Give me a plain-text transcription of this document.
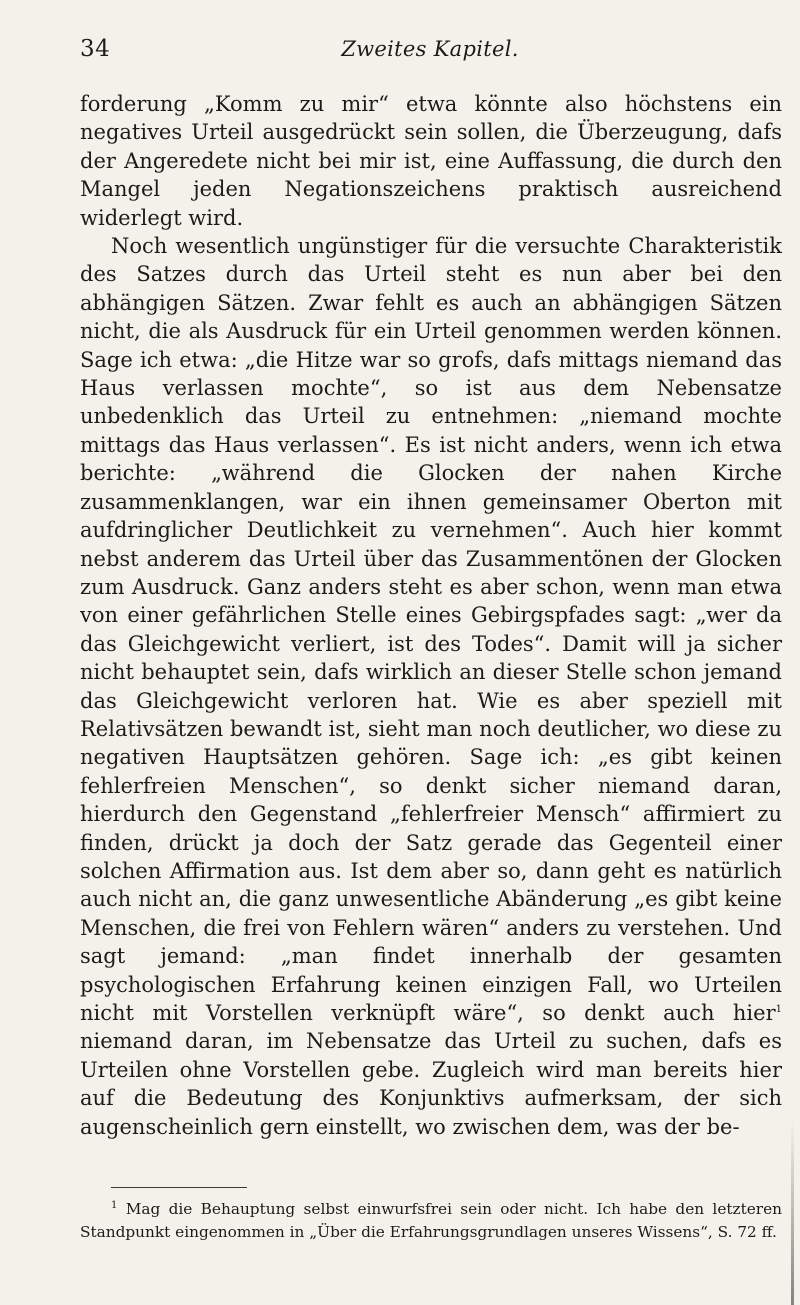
34	Zweites Kapitel.

forderung „Komm zu mir“ etwa könnte also höchstens ein negatives Urteil ausgedrückt sein sollen, die Überzeugung, dafs der Angeredete nicht bei mir ist, eine Auffassung, die durch den Mangel jeden Negationszeichens praktisch ausreichend widerlegt wird.

Noch wesentlich ungünstiger für die versuchte Charakteristik des Satzes durch das Urteil steht es nun aber bei den abhängigen Sätzen. Zwar fehlt es auch an abhängigen Sätzen nicht, die als Ausdruck für ein Urteil genommen werden können. Sage ich etwa: „die Hitze war so grofs, dafs mittags niemand das Haus verlassen mochte“, so ist aus dem Nebensatze unbedenklich das Urteil zu entnehmen: „niemand mochte mittags das Haus verlassen“. Es ist nicht anders, wenn ich etwa berichte: „während die Glocken der nahen Kirche zusammenklangen, war ein ihnen gemeinsamer Oberton mit aufdringlicher Deutlichkeit zu vernehmen“. Auch hier kommt nebst anderem das Urteil über das Zusammentönen der Glocken zum Ausdruck. Ganz anders steht es aber schon, wenn man etwa von einer gefährlichen Stelle eines Gebirgspfades sagt: „wer da das Gleichgewicht verliert, ist des Todes“. Damit will ja sicher nicht behauptet sein, dafs wirklich an dieser Stelle schon jemand das Gleichgewicht verloren hat. Wie es aber speziell mit Relativsätzen bewandt ist, sieht man noch deutlicher, wo diese zu negativen Hauptsätzen gehören. Sage ich: „es gibt keinen fehlerfreien Menschen“, so denkt sicher niemand daran, hierdurch den Gegenstand „fehlerfreier Mensch“ affirmiert zu finden, drückt ja doch der Satz gerade das Gegenteil einer solchen Affirmation aus. Ist dem aber so, dann geht es natürlich auch nicht an, die ganz unwesentliche Abänderung „es gibt keine Menschen, die frei von Fehlern wären“ anders zu verstehen. Und sagt jemand: „man findet innerhalb der gesamten psychologischen Erfahrung keinen einzigen Fall, wo Urteilen nicht mit Vorstellen verknüpft wäre“, so denkt auch hier$^1$ niemand daran, im Nebensatze das Urteil zu suchen, dafs es Urteilen ohne Vorstellen gebe. Zugleich wird man bereits hier auf die Bedeutung des Konjunktivs aufmerksam, der sich augenscheinlich gern einstellt, wo zwischen dem, was der be-

$^1$ Mag die Behauptung selbst einwurfsfrei sein oder nicht. Ich habe den letzteren Standpunkt eingenommen in „Über die Erfahrungsgrundlagen unseres Wissens“, S. 72 ff.
